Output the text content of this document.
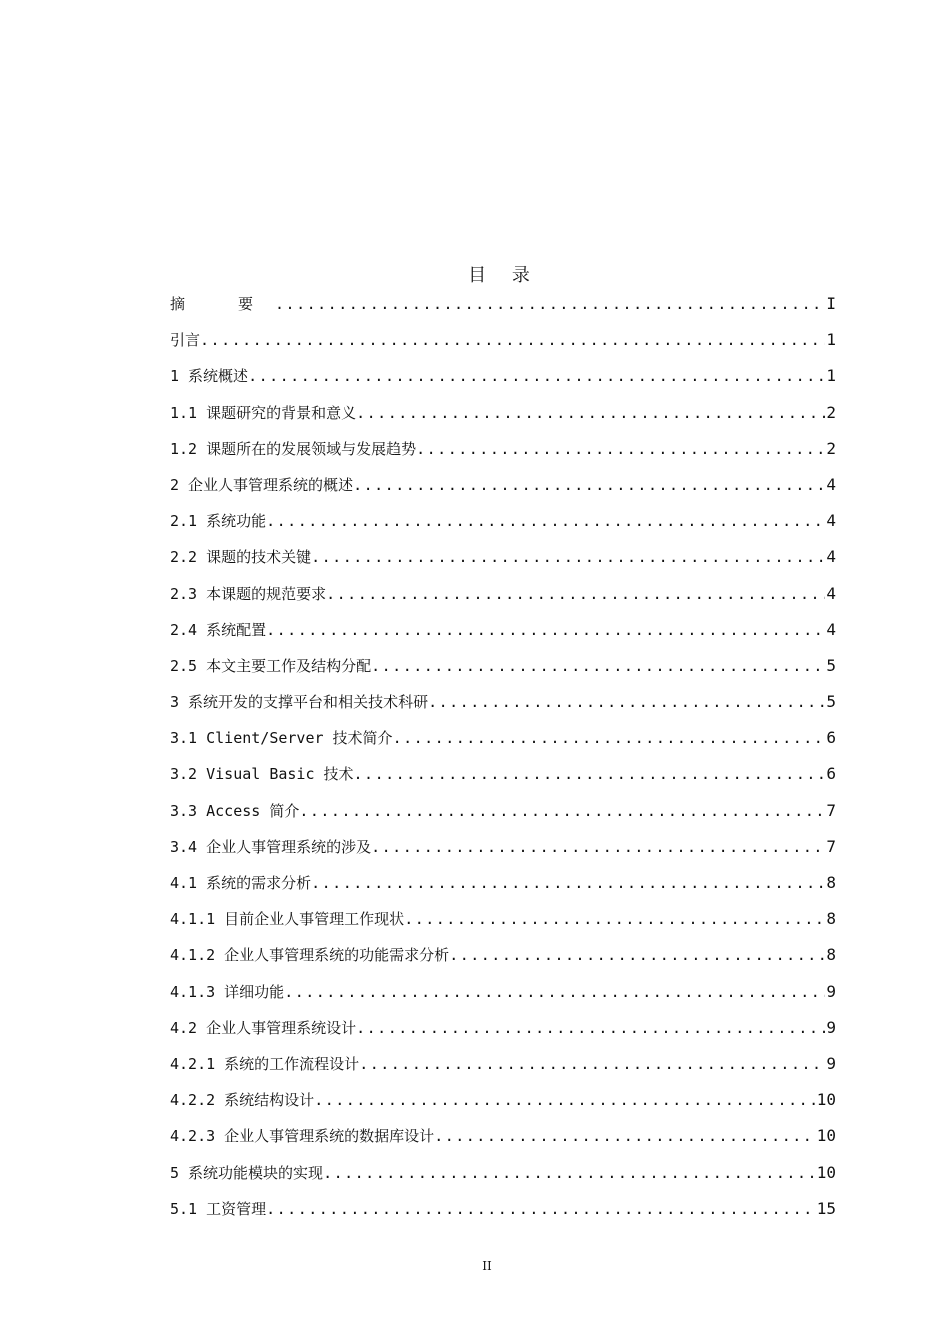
目 录
摘 要 .....	I
引言 .....	1
1 系统概述 .....	1
1.1 课题研究的背景和意义 .....	2
1.2 课题所在的发展领域与发展趋势 .....	2
2 企业人事管理系统的概述 .....	4
2.1 系统功能 .....	4
2.2 课题的技术关键 .....	4
2.3 本课题的规范要求 .....	4
2.4 系统配置 .....	4
2.5 本文主要工作及结构分配 .....	5
3 系统开发的支撑平台和相关技术科研 .....	5
3.1 Client/Server 技术简介 .....	6
3.2 Visual Basic 技术 .....	6
3.3 Access 简介 .....	7
3.4 企业人事管理系统的涉及 .....	7
4.1 系统的需求分析 .....	8
4.1.1 目前企业人事管理工作现状 .....	8
4.1.2 企业人事管理系统的功能需求分析 .....	8
4.1.3 详细功能 .....	9
4.2 企业人事管理系统设计 .....	9
4.2.1 系统的工作流程设计 .....	9
4.2.2 系统结构设计 .....	10
4.2.3 企业人事管理系统的数据库设计 .....	10
5 系统功能模块的实现 .....	10
5.1 工资管理 .....	15
II
